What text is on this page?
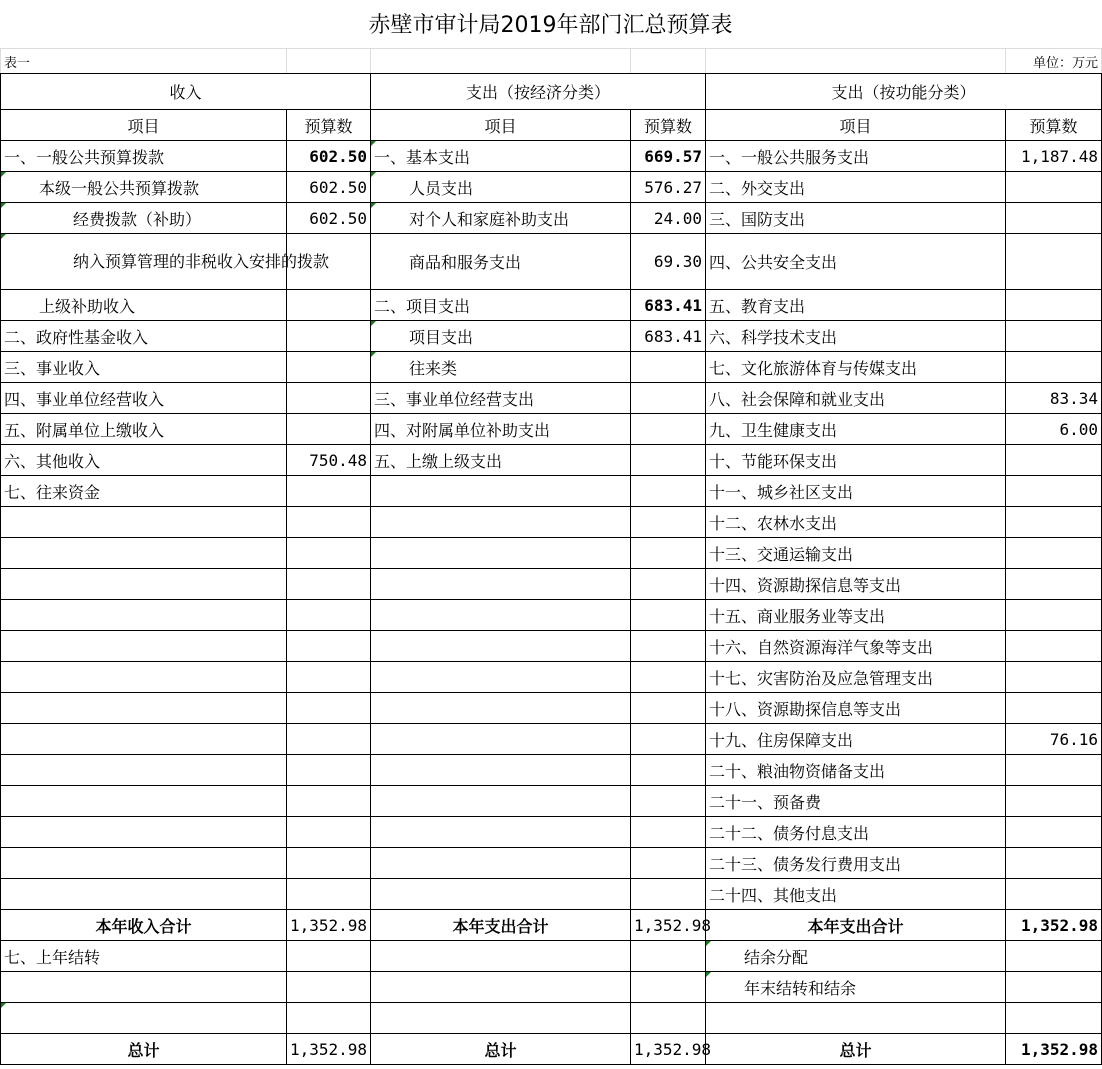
赤壁市审计局2019年部门汇总预算表
表一					单位：万元
收入		支出（按经济分类）		支出（按功能分类）	
项目	预算数	项目	预算数	项目	预算数
一、一般公共预算拨款	602.50	一、基本支出	669.57	一、一般公共服务支出	1,187.48
本级一般公共预算拨款	602.50	人员支出	576.27	二、外交支出	
经费拨款（补助）	602.50	对个人和家庭补助支出	24.00	三、国防支出	
纳入预算管理的非税收入安排的拨款		商品和服务支出	69.30	四、公共安全支出	
上级补助收入		二、项目支出	683.41	五、教育支出	
二、政府性基金收入		项目支出	683.41	六、科学技术支出	
三、事业收入		往来类		七、文化旅游体育与传媒支出	
四、事业单位经营收入		三、事业单位经营支出		八、社会保障和就业支出	83.34
五、附属单位上缴收入		四、对附属单位补助支出		九、卫生健康支出	6.00
六、其他收入	750.48	五、上缴上级支出		十、节能环保支出	
七、往来资金				十一、城乡社区支出	
				十二、农林水支出	
				十三、交通运输支出	
				十四、资源勘探信息等支出	
				十五、商业服务业等支出	
				十六、自然资源海洋气象等支出	
				十七、灾害防治及应急管理支出	
				十八、资源勘探信息等支出	
				十九、住房保障支出	76.16
				二十、粮油物资储备支出	
				二十一、预备费	
				二十二、债务付息支出	
				二十三、债务发行费用支出	
				二十四、其他支出	
本年收入合计	1,352.98	本年支出合计	1,352.98	本年支出合计	1,352.98
七、上年结转				结余分配	
				年末结转和结余	

总计	1,352.98	总计	1,352.98	总计	1,352.98
